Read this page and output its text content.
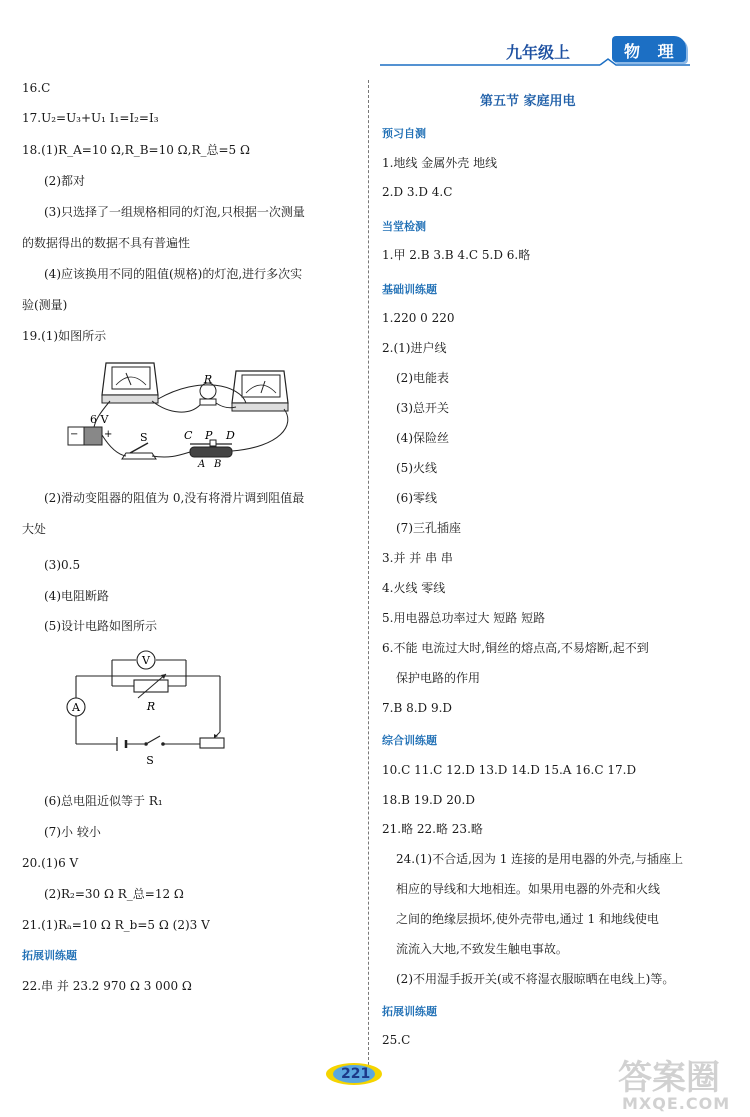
九年级上	物 理
16.C
17.U₂=U₃+U₁ I₁=I₂=I₃
18.(1)R_A=10 Ω,R_B=10 Ω,R_总=5 Ω
(2)都对
(3)只选择了一组规格相同的灯泡,只根据一次测量
的数据得出的数据不具有普遍性
(4)应该换用不同的阻值(规格)的灯泡,进行多次实
验(测量)
19.(1)如图所示
R
6 V
−	+	S	C P D
A B
(2)滑动变阻器的阻值为 0,没有将滑片调到阻值最
大处
(3)0.5
(4)电阻断路
(5)设计电路如图所示
V
A	R
S
(6)总电阻近似等于 R₁
(7)小 较小
20.(1)6 V
(2)R₂=30 Ω R_总=12 Ω
21.(1)Rₐ=10 Ω R_b=5 Ω (2)3 V
拓展训练题
22.串 并 23.2 970 Ω 3 000 Ω
第五节 家庭用电
预习自测
1.地线 金属外壳 地线
2.D 3.D 4.C
当堂检测
1.甲 2.B 3.B 4.C 5.D 6.略
基础训练题
1.220 0 220
2.(1)进户线
(2)电能表
(3)总开关
(4)保险丝
(5)火线
(6)零线
(7)三孔插座
3.并 并 串 串
4.火线 零线
5.用电器总功率过大 短路 短路
6.不能 电流过大时,铜丝的熔点高,不易熔断,起不到
保护电路的作用
7.B 8.D 9.D
综合训练题
10.C 11.C 12.D 13.D 14.D 15.A 16.C 17.D
18.B 19.D 20.D
21.略 22.略 23.略
24.(1)不合适,因为 1 连接的是用电器的外壳,与插座上
相应的导线和大地相连。如果用电器的外壳和火线
之间的绝缘层损坏,使外壳带电,通过 1 和地线使电
流流入大地,不致发生触电事故。
(2)不用湿手扳开关(或不将湿衣服晾晒在电线上)等。
拓展训练题
25.C
221	答案圈
MXQE.COM
